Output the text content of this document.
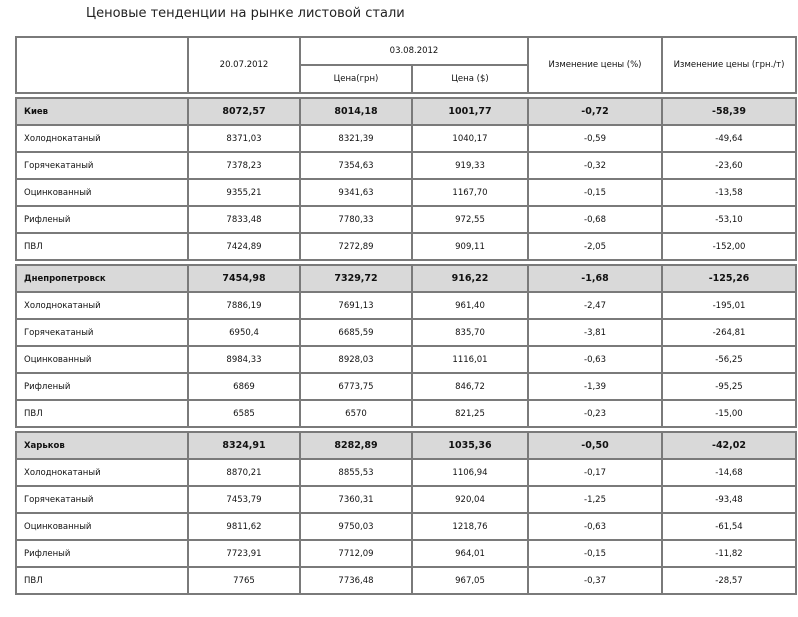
Ценовые тенденции на рынке листовой стали
	20.07.2012	03.08.2012		Изменение цены (%)	Изменение цены (грн./т)
		Цена(грн)	Цена ($)		

Киев	8072,57	8014,18	1001,77	-0,72	-58,39
Холоднокатаный	8371,03	8321,39	1040,17	-0,59	-49,64
Горячекатаный	7378,23	7354,63	919,33	-0,32	-23,60
Оцинкованный	9355,21	9341,63	1167,70	-0,15	-13,58
Рифленый	7833,48	7780,33	972,55	-0,68	-53,10
ПВЛ	7424,89	7272,89	909,11	-2,05	-152,00

Днепропетровск	7454,98	7329,72	916,22	-1,68	-125,26
Холоднокатаный	7886,19	7691,13	961,40	-2,47	-195,01
Горячекатаный	6950,4	6685,59	835,70	-3,81	-264,81
Оцинкованный	8984,33	8928,03	1116,01	-0,63	-56,25
Рифленый	6869	6773,75	846,72	-1,39	-95,25
ПВЛ	6585	6570	821,25	-0,23	-15,00

Харьков	8324,91	8282,89	1035,36	-0,50	-42,02
Холоднокатаный	8870,21	8855,53	1106,94	-0,17	-14,68
Горячекатаный	7453,79	7360,31	920,04	-1,25	-93,48
Оцинкованный	9811,62	9750,03	1218,76	-0,63	-61,54
Рифленый	7723,91	7712,09	964,01	-0,15	-11,82
ПВЛ	7765	7736,48	967,05	-0,37	-28,57
